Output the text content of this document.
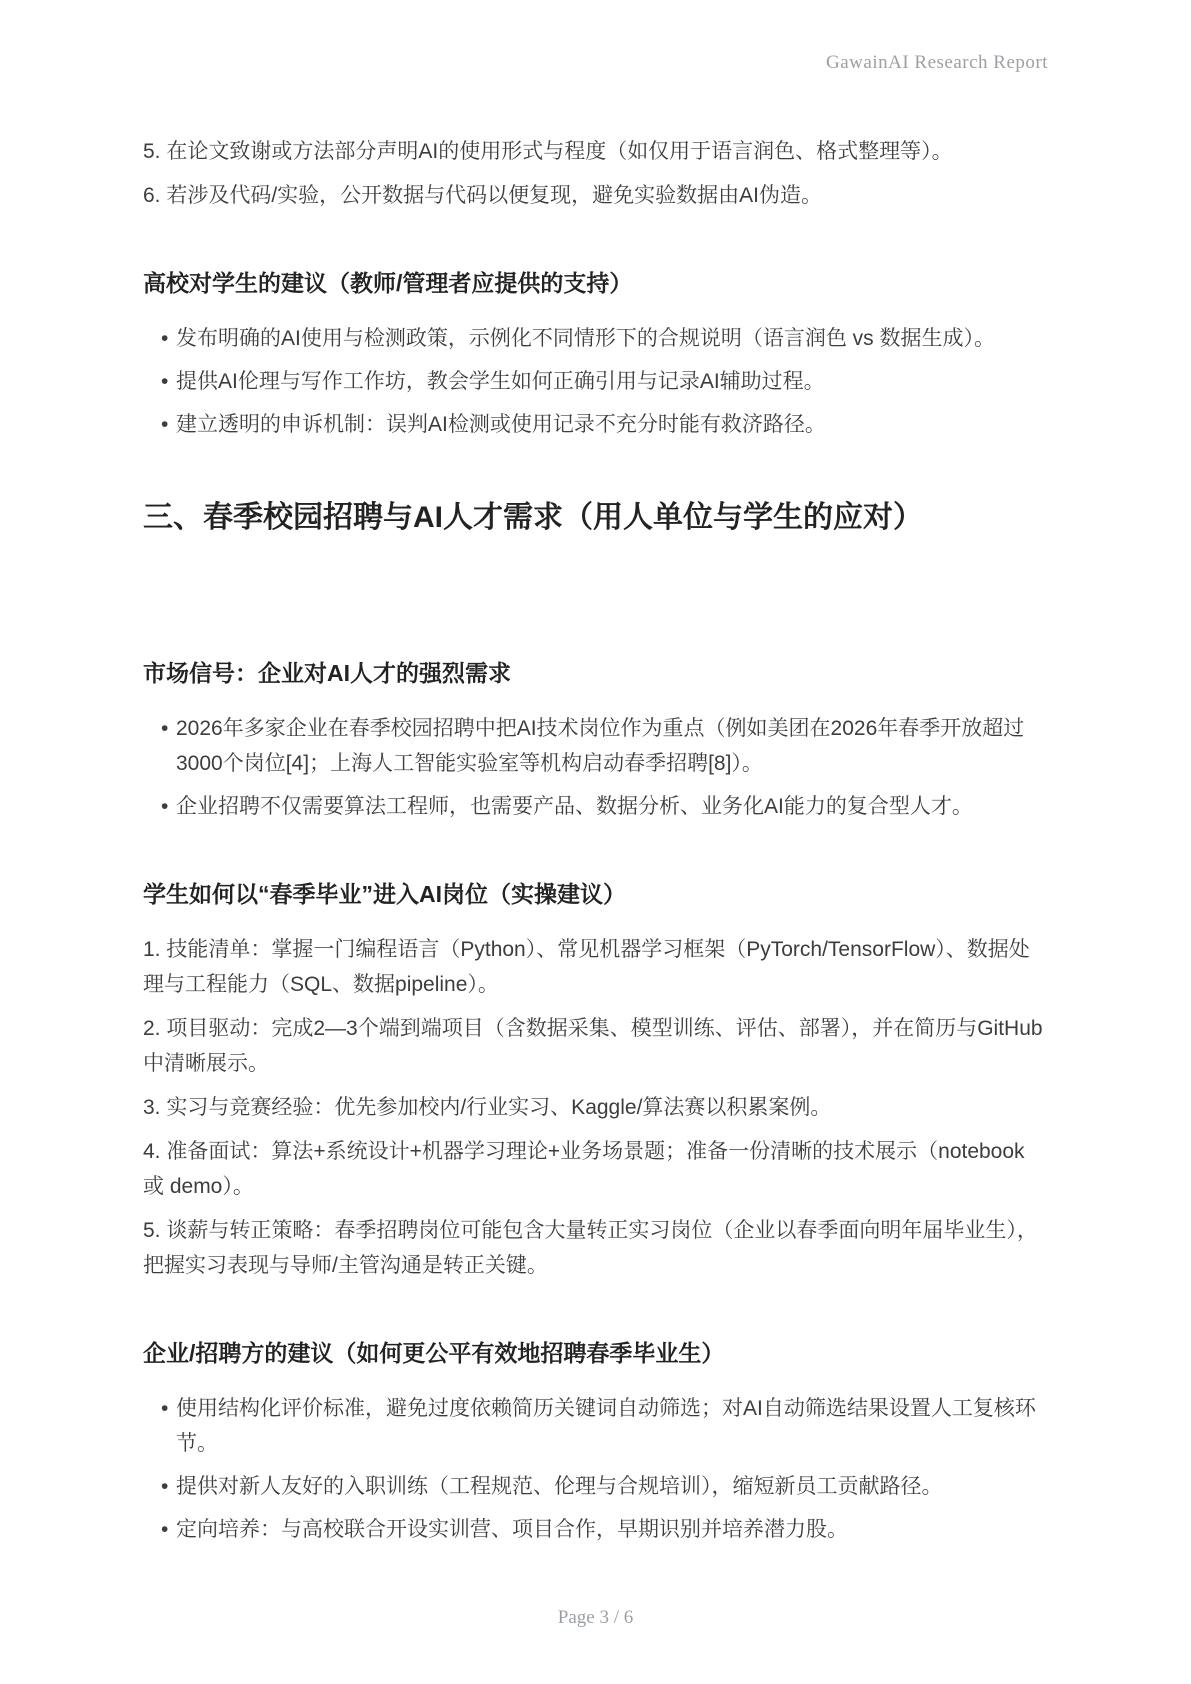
GawainAI Research Report

5. 在论文致谢或方法部分声明AI的使用形式与程度（如仅用于语言润色、格式整理等）。

6. 若涉及代码/实验，公开数据与代码以便复现，避免实验数据由AI伪造。

高校对学生的建议（教师/管理者应提供的支持）
• 发布明确的AI使用与检测政策，示例化不同情形下的合规说明（语言润色 vs 数据生成）。
• 提供AI伦理与写作工作坊，教会学生如何正确引用与记录AI辅助过程。
• 建立透明的申诉机制：误判AI检测或使用记录不充分时能有救济路径。
三、春季校园招聘与AI人才需求（用人单位与学生的应对）
市场信号：企业对AI人才的强烈需求
• 2026年多家企业在春季校园招聘中把AI技术岗位作为重点（例如美团在2026年春季开放超过3000个岗位[4]；上海人工智能实验室等机构启动春季招聘[8]）。
• 企业招聘不仅需要算法工程师，也需要产品、数据分析、业务化AI能力的复合型人才。
学生如何以“春季毕业”进入AI岗位（实操建议）

1. 技能清单：掌握一门编程语言（Python）、常见机器学习框架（PyTorch/TensorFlow）、数据处理与工程能力（SQL、数据pipeline）。

2. 项目驱动：完成2—3个端到端项目（含数据采集、模型训练、评估、部署），并在简历与GitHub中清晰展示。

3. 实习与竞赛经验：优先参加校内/行业实习、Kaggle/算法赛以积累案例。

4. 准备面试：算法+系统设计+机器学习理论+业务场景题；准备一份清晰的技术展示（notebook 或 demo）。

5. 谈薪与转正策略：春季招聘岗位可能包含大量转正实习岗位（企业以春季面向明年届毕业生），把握实习表现与导师/主管沟通是转正关键。

企业/招聘方的建议（如何更公平有效地招聘春季毕业生）
• 使用结构化评价标准，避免过度依赖简历关键词自动筛选；对AI自动筛选结果设置人工复核环节。
• 提供对新人友好的入职训练（工程规范、伦理与合规培训），缩短新员工贡献路径。
• 定向培养：与高校联合开设实训营、项目合作，早期识别并培养潜力股。
Page 3 / 6
